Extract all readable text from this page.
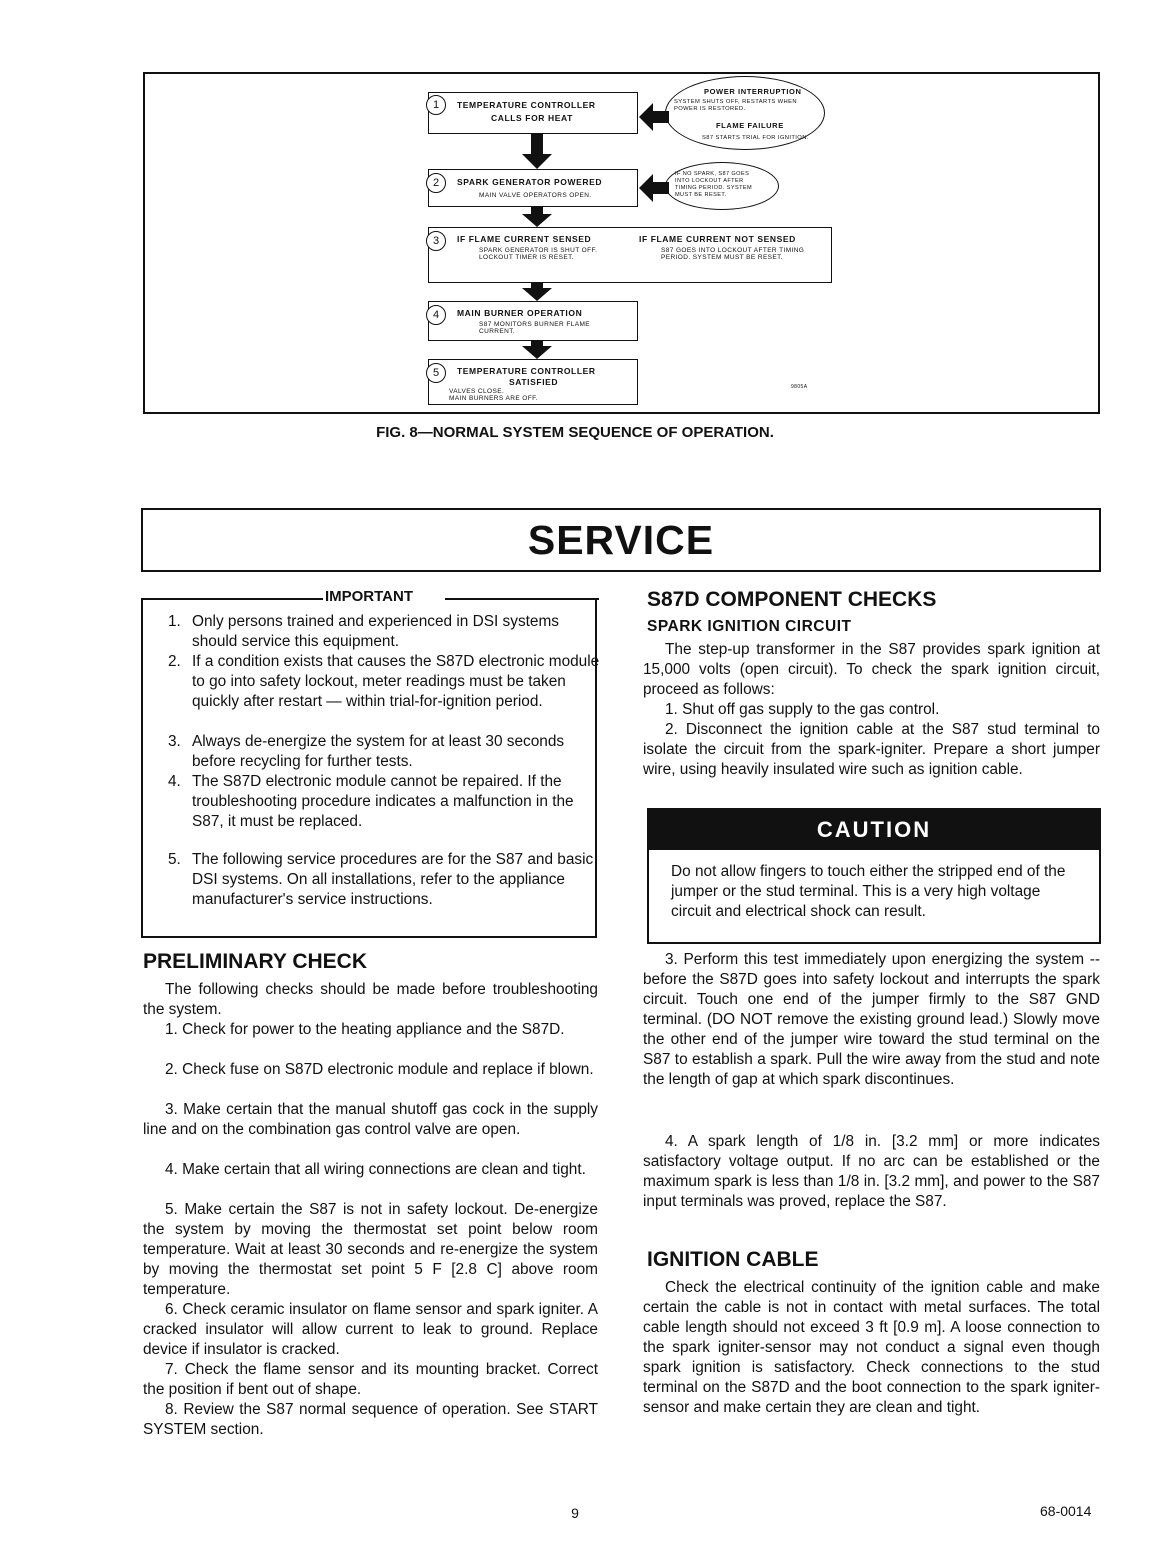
1	TEMPERATURE CONTROLLER
CALLS FOR HEAT
POWER INTERRUPTION
SYSTEM SHUTS OFF, RESTARTS WHEN
POWER IS RESTORED.
FLAME FAILURE
S87 STARTS TRIAL FOR IGNITION.
2	SPARK GENERATOR POWERED
MAIN VALVE OPERATORS OPEN.
IF NO SPARK, S87 GOES
INTO LOCKOUT AFTER
TIMING PERIOD. SYSTEM
MUST BE RESET.
3	IF FLAME CURRENT SENSED
SPARK GENERATOR IS SHUT OFF.
LOCKOUT TIMER IS RESET.
IF FLAME CURRENT NOT SENSED
S87 GOES INTO LOCKOUT AFTER TIMING
PERIOD. SYSTEM MUST BE RESET.
4	MAIN BURNER OPERATION
S87 MONITORS BURNER FLAME
CURRENT.
5	TEMPERATURE CONTROLLER
SATISFIED
VALVES CLOSE.
MAIN BURNERS ARE OFF.
9805A
FIG. 8—NORMAL SYSTEM SEQUENCE OF OPERATION.
SERVICE
IMPORTANT
1. Only persons trained and experienced in DSI systems should service this equipment.
2. If a condition exists that causes the S87D electronic module to go into safety lockout, meter readings must be taken quickly after restart — within trial-for-ignition period.
3. Always de-energize the system for at least 30 seconds before recycling for further tests.
4. The S87D electronic module cannot be repaired. If the troubleshooting procedure indicates a malfunction in the S87, it must be replaced.
5. The following service procedures are for the S87 and basic DSI systems. On all installations, refer to the appliance manufacturer's service instructions.
PRELIMINARY CHECK
The following checks should be made before troubleshooting the system.
1. Check for power to the heating appliance and the S87D.
2. Check fuse on S87D electronic module and replace if blown.
3. Make certain that the manual shutoff gas cock in the supply line and on the combination gas control valve are open.
4. Make certain that all wiring connections are clean and tight.
5. Make certain the S87 is not in safety lockout. De-energize the system by moving the thermostat set point below room temperature. Wait at least 30 seconds and re-energize the system by moving the thermostat set point 5 F [2.8 C] above room temperature.
6. Check ceramic insulator on flame sensor and spark igniter. A cracked insulator will allow current to leak to ground. Replace device if insulator is cracked.
7. Check the flame sensor and its mounting bracket. Correct the position if bent out of shape.
8. Review the S87 normal sequence of operation. See START SYSTEM section.
S87D COMPONENT CHECKS
SPARK IGNITION CIRCUIT
The step-up transformer in the S87 provides spark ignition at 15,000 volts (open circuit). To check the spark ignition circuit, proceed as follows:
1. Shut off gas supply to the gas control.
2. Disconnect the ignition cable at the S87 stud terminal to isolate the circuit from the spark-igniter. Prepare a short jumper wire, using heavily insulated wire such as ignition cable.
CAUTION
Do not allow fingers to touch either the stripped end of the jumper or the stud terminal. This is a very high voltage circuit and electrical shock can result.
3. Perform this test immediately upon energizing the system -- before the S87D goes into safety lockout and interrupts the spark circuit. Touch one end of the jumper firmly to the S87 GND terminal. (DO NOT remove the existing ground lead.) Slowly move the other end of the jumper wire toward the stud terminal on the S87 to establish a spark. Pull the wire away from the stud and note the length of gap at which spark discontinues.
4. A spark length of 1/8 in. [3.2 mm] or more indicates satisfactory voltage output. If no arc can be established or the maximum spark is less than 1/8 in. [3.2 mm], and power to the S87 input terminals was proved, replace the S87.
IGNITION CABLE
Check the electrical continuity of the ignition cable and make certain the cable is not in contact with metal surfaces. The total cable length should not exceed 3 ft [0.9 m]. A loose connection to the spark igniter-sensor may not conduct a signal even though spark ignition is satisfactory. Check connections to the stud terminal on the S87D and the boot connection to the spark igniter-sensor and make certain they are clean and tight.
9	68-0014
